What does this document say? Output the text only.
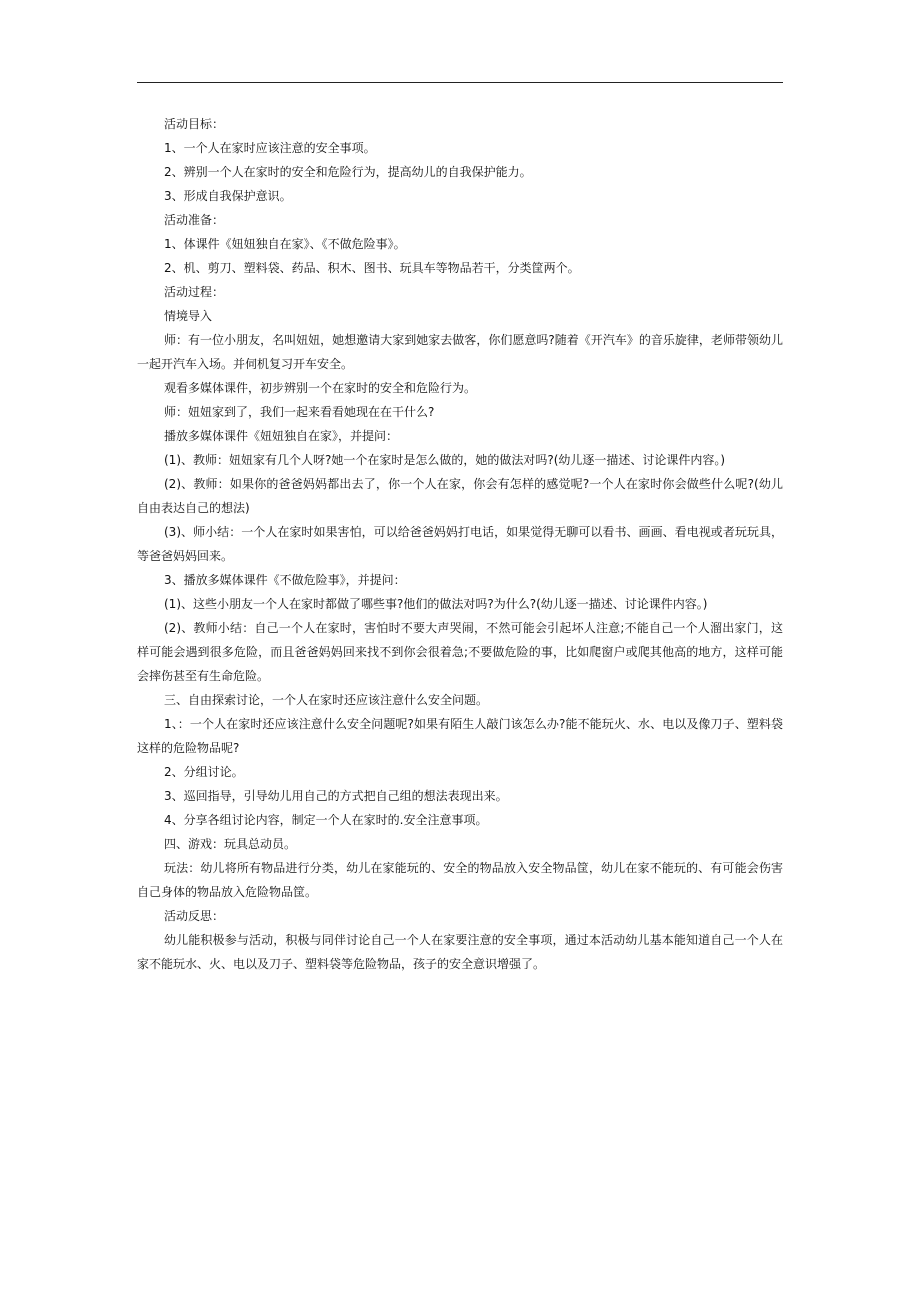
活动目标：

1、一个人在家时应该注意的安全事项。

2、辨别一个人在家时的安全和危险行为，提高幼儿的自我保护能力。

3、形成自我保护意识。

活动准备：

1、体课件《妞妞独自在家》、《不做危险事》。

2、机、剪刀、塑料袋、药品、积木、图书、玩具车等物品若干，分类筐两个。

活动过程：

情境导入

师：有一位小朋友，名叫妞妞，她想邀请大家到她家去做客，你们愿意吗?随着《开汽车》的音乐旋律，老师带领幼儿一起开汽车入场。并伺机复习开车安全。

观看多媒体课件，初步辨别一个在家时的安全和危险行为。

师：妞妞家到了，我们一起来看看她现在在干什么?

播放多媒体课件《妞妞独自在家》，并提问：

(1)、教师：妞妞家有几个人呀?她一个在家时是怎么做的，她的做法对吗?(幼儿逐一描述、讨论课件内容。)

(2)、教师：如果你的爸爸妈妈都出去了，你一个人在家，你会有怎样的感觉呢?一个人在家时你会做些什么呢?(幼儿自由表达自己的想法)

(3)、师小结：一个人在家时如果害怕，可以给爸爸妈妈打电话，如果觉得无聊可以看书、画画、看电视或者玩玩具，等爸爸妈妈回来。

3、播放多媒体课件《不做危险事》，并提问：

(1)、这些小朋友一个人在家时都做了哪些事?他们的做法对吗?为什么?(幼儿逐一描述、讨论课件内容。)

(2)、教师小结：自己一个人在家时，害怕时不要大声哭闹，不然可能会引起坏人注意;不能自己一个人溜出家门，这样可能会遇到很多危险，而且爸爸妈妈回来找不到你会很着急;不要做危险的事，比如爬窗户或爬其他高的地方，这样可能会摔伤甚至有生命危险。

三、自由探索讨论，一个人在家时还应该注意什么安全问题。

1、：一个人在家时还应该注意什么安全问题呢?如果有陌生人敲门该怎么办?能不能玩火、水、电以及像刀子、塑料袋这样的危险物品呢?

2、分组讨论。

3、巡回指导，引导幼儿用自己的方式把自己组的想法表现出来。

4、分享各组讨论内容，制定一个人在家时的.安全注意事项。

四、游戏：玩具总动员。

玩法：幼儿将所有物品进行分类，幼儿在家能玩的、安全的物品放入安全物品筐，幼儿在家不能玩的、有可能会伤害自己身体的物品放入危险物品筐。

活动反思：

幼儿能积极参与活动，积极与同伴讨论自己一个人在家要注意的安全事项，通过本活动幼儿基本能知道自己一个人在家不能玩水、火、电以及刀子、塑料袋等危险物品，孩子的安全意识增强了。
